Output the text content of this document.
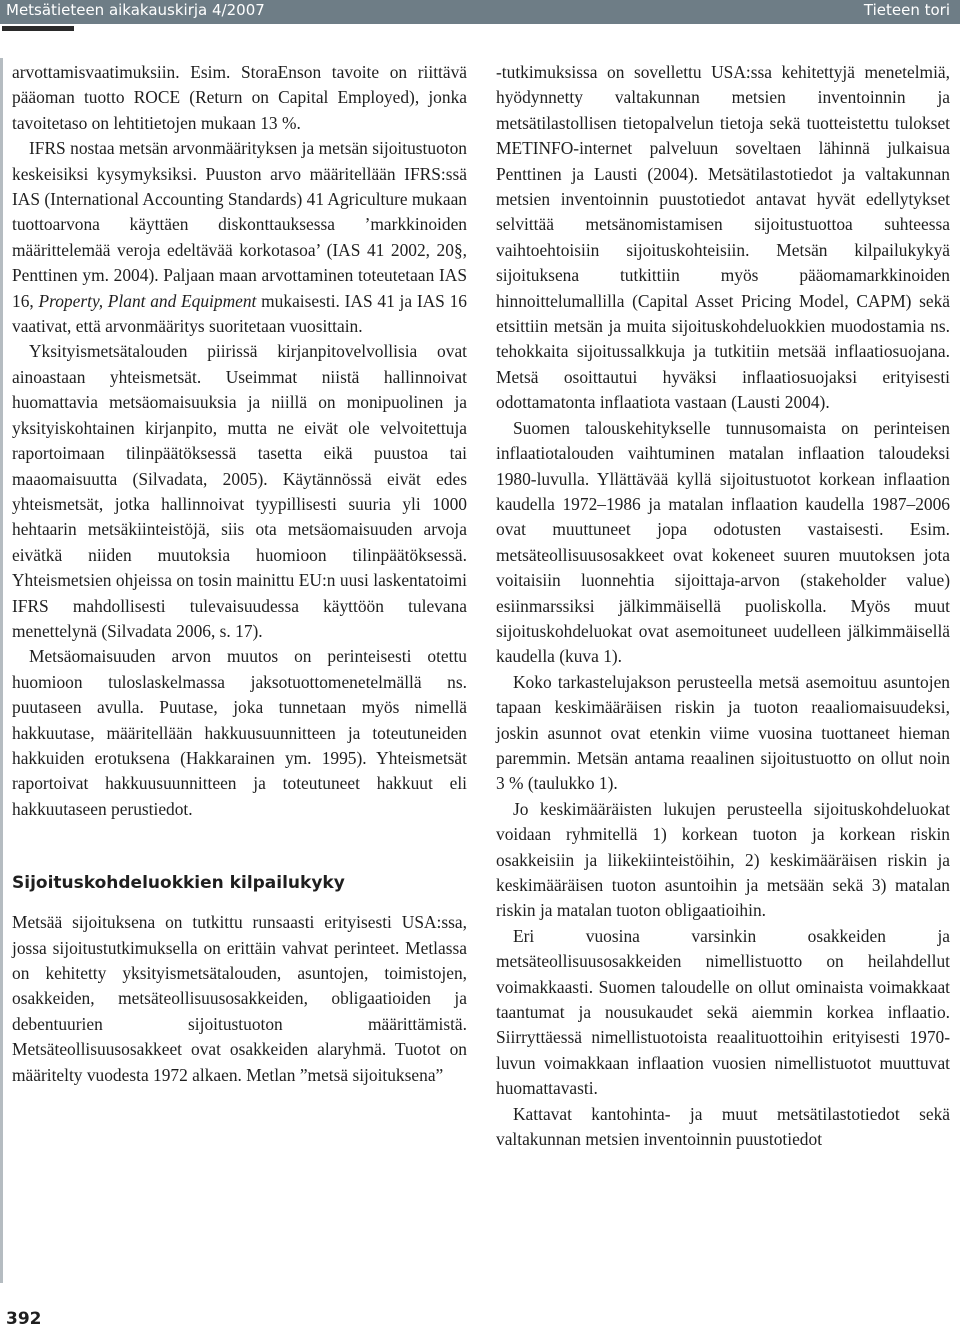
Metsätieteen aikakauskirja 4/2007	Tieteen tori

arvottamisvaatimuksiin. Esim. StoraEnson tavoite on riittävä pääoman tuotto ROCE (Return on Capital Employed), jonka tavoitetaso on lehtitietojen mukaan 13 %.

IFRS nostaa metsän arvonmäärityksen ja metsän sijoitustuoton keskeisiksi kysymyksiksi. Puuston arvo määritellään IFRS:ssä IAS (International Accounting Standards) 41 Agriculture mukaan tuottoarvona käyttäen diskonttauksessa ’markkinoiden määrittelemää veroja edeltävää korkotasoa’ (IAS 41 2002, 20§, Penttinen ym. 2004). Paljaan maan arvottaminen toteutetaan IAS 16, Property, Plant and Equipment mukaisesti. IAS 41 ja IAS 16 vaativat, että arvonmääritys suoritetaan vuosittain.

Yksityismetsätalouden piirissä kirjanpitovelvollisia ovat ainoastaan yhteismetsät. Useimmat niistä hallinnoivat huomattavia metsäomaisuuksia ja niillä on monipuolinen ja yksityiskohtainen kirjanpito, mutta ne eivät ole velvoitettuja raportoimaan tilinpäätöksessä tasetta eikä puustoa tai maaomaisuutta (Silvadata, 2005). Käytännössä eivät edes yhteismetsät, jotka hallinnoivat tyypillisesti suuria yli 1000 hehtaarin metsäkiinteistöjä, siis ota metsäomaisuuden arvoja eivätkä niiden muutoksia huomioon tilinpäätöksessä. Yhteismetsien ohjeissa on tosin mainittu EU:n uusi laskentatoimi IFRS mahdollisesti tulevaisuudessa käyttöön tulevana menettelynä (Silvadata 2006, s. 17).

Metsäomaisuuden arvon muutos on perinteisesti otettu huomioon tuloslaskelmassa jaksotuottomenetelmällä ns. puutaseen avulla. Puutase, joka tunnetaan myös nimellä hakkuutase, määritellään hakkuusuunnitteen ja toteutuneiden hakkuiden erotuksena (Hakkarainen ym. 1995). Yhteismetsät raportoivat hakkuusuunnitteen ja toteutuneet hakkuut eli hakkuutaseen perustiedot.

Sijoituskohdeluokkien kilpailukyky

Metsää sijoituksena on tutkittu runsaasti erityisesti USA:ssa, jossa sijoitustutkimuksella on erittäin vahvat perinteet. Metlassa on kehitetty yksityismetsätalouden, asuntojen, toimistojen, osakkeiden, metsäteollisuusosakkeiden, obligaatioiden ja debentuurien sijoitustuoton määrittämistä. Metsäteollisuusosakkeet ovat osakkeiden alaryhmä. Tuotot on määritelty vuodesta 1972 alkaen. Metlan ”metsä sijoituksena”

-tutkimuksissa on sovellettu USA:ssa kehitettyjä menetelmiä, hyödynnetty valtakunnan metsien inventoinnin ja metsätilastollisen tietopalvelun tietoja sekä tuotteistettu tulokset METINFO-internet palveluun soveltaen lähinnä julkaisua Penttinen ja Lausti (2004). Metsätilastotiedot ja valtakunnan metsien inventoinnin puustotiedot antavat hyvät edellytykset selvittää metsänomistamisen sijoitustuottoa suhteessa vaihtoehtoisiin sijoituskohteisiin. Metsän kilpailukykyä sijoituksena tutkittiin myös pääomamarkkinoiden hinnoittelumallilla (Capital Asset Pricing Model, CAPM) sekä etsittiin metsän ja muita sijoituskohdeluokkien muodostamia ns. tehokkaita sijoitussalkkuja ja tutkitiin metsää inflaatiosuojana. Metsä osoittautui hyväksi inflaatiosuojaksi erityisesti odottamatonta inflaatiota vastaan (Lausti 2004).

Suomen talouskehitykselle tunnusomaista on perinteisen inflaatiotalouden vaihtuminen matalan inflaation taloudeksi 1980-luvulla. Yllättävää kyllä sijoitustuotot korkean inflaation kaudella 1972–1986 ja matalan inflaation kaudella 1987–2006 ovat muuttuneet jopa odotusten vastaisesti. Esim. metsäteollisuusosakkeet ovat kokeneet suuren muutoksen jota voitaisiin luonnehtia sijoittaja-arvon (stakeholder value) esiinmarssiksi jälkimmäisellä puoliskolla. Myös muut sijoituskohdeluokat ovat asemoituneet uudelleen jälkimmäisellä kaudella (kuva 1).

Koko tarkastelujakson perusteella metsä asemoituu asuntojen tapaan keskimääräisen riskin ja tuoton reaaliomaisuudeksi, joskin asunnot ovat etenkin viime vuosina tuottaneet hieman paremmin. Metsän antama reaalinen sijoitustuotto on ollut noin 3 % (taulukko 1).

Jo keskimääräisten lukujen perusteella sijoituskohdeluokat voidaan ryhmitellä 1) korkean tuoton ja korkean riskin osakkeisiin ja liikekiinteistöihin, 2) keskimääräisen riskin ja keskimääräisen tuoton asuntoihin ja metsään sekä 3) matalan riskin ja matalan tuoton obligaatioihin.

Eri vuosina varsinkin osakkeiden ja metsäteollisuusosakkeiden nimellistuotto on heilahdellut voimakkaasti. Suomen taloudelle on ollut ominaista voimakkaat taantumat ja nousukaudet sekä aiemmin korkea inflaatio. Siirryttäessä nimellistuotoista reaalituottoihin erityisesti 1970-luvun voimakkaan inflaation vuosien nimellistuotot muuttuvat huomattavasti.

Kattavat kantohinta- ja muut metsätilastotiedot sekä valtakunnan metsien inventoinnin puustotiedot

392
